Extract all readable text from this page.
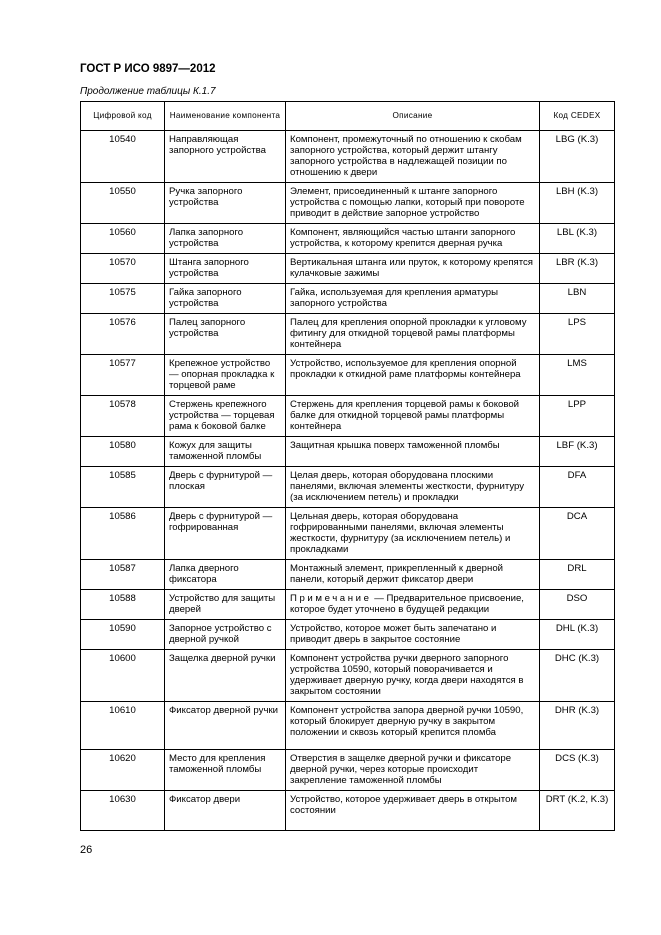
ГОСТ Р ИСО 9897—2012
Продолжение таблицы К.1.7
Цифровой код	Наименование компонента	Описание	Код CEDEX
10540	Направляющая запорного устройства	Компонент, промежуточный по отношению к скобам запорного устройства, который держит штангу запорного устройства в надлежащей позиции по отношению к двери	LBG (K.3)
10550	Ручка запорного устройства	Элемент, присоединенный к штанге запорного устройства с помощью лапки, который при повороте приводит в действие запорное устройство	LBH (K.3)
10560	Лапка запорного устройства	Компонент, являющийся частью штанги запорного устройства, к которому крепится дверная ручка	LBL (K.3)
10570	Штанга запорного устройства	Вертикальная штанга или пруток, к которому крепятся кулачковые зажимы	LBR (K.3)
10575	Гайка запорного устройства	Гайка, используемая для крепления арматуры запорного устройства	LBN
10576	Палец запорного устройства	Палец для крепления опорной прокладки к угловому фитингу для откидной торцевой рамы платформы контейнера	LPS
10577	Крепежное устройство — опорная прокладка к торцевой раме	Устройство, используемое для крепления опорной прокладки к откидной раме платформы контейнера	LMS
10578	Стержень крепежного устройства — торцевая рама к боковой балке	Стержень для крепления торцевой рамы к боковой балке для откидной торцевой рамы платформы контейнера	LPP
10580	Кожух для защиты таможенной пломбы	Защитная крышка поверх таможенной пломбы	LBF (K.3)
10585	Дверь с фурнитурой — плоская	Целая дверь, которая оборудована плоскими панелями, включая элементы жесткости, фурнитуру (за исключением петель) и прокладки	DFA
10586	Дверь с фурнитурой — гофрированная	Цельная дверь, которая оборудована гофрированными панелями, включая элементы жесткости, фурнитуру (за исключением петель) и прокладками	DCA
10587	Лапка дверного фиксатора	Монтажный элемент, прикрепленный к дверной панели, который держит фиксатор двери	DRL
10588	Устройство для защиты дверей	Примечание — Предварительное присвоение, которое будет уточнено в будущей редакции	DSO
10590	Запорное устройство с дверной ручкой	Устройство, которое может быть запечатано и приводит дверь в закрытое состояние	DHL (K.3)
10600	Защелка дверной ручки	Компонент устройства ручки дверного запорного устройства 10590, который поворачивается и удерживает дверную ручку, когда двери находятся в закрытом состоянии	DHC (K.3)
10610	Фиксатор дверной ручки	Компонент устройства запора дверной ручки 10590, который блокирует дверную ручку в закрытом положении и сквозь который крепится пломба	DHR (K.3)
10620	Место для крепления таможенной пломбы	Отверстия в защелке дверной ручки и фиксаторе дверной ручки, через которые происходит закрепление таможенной пломбы	DCS (K.3)
10630	Фиксатор двери	Устройство, которое удерживает дверь в открытом состоянии	DRT (K.2, K.3)
26
